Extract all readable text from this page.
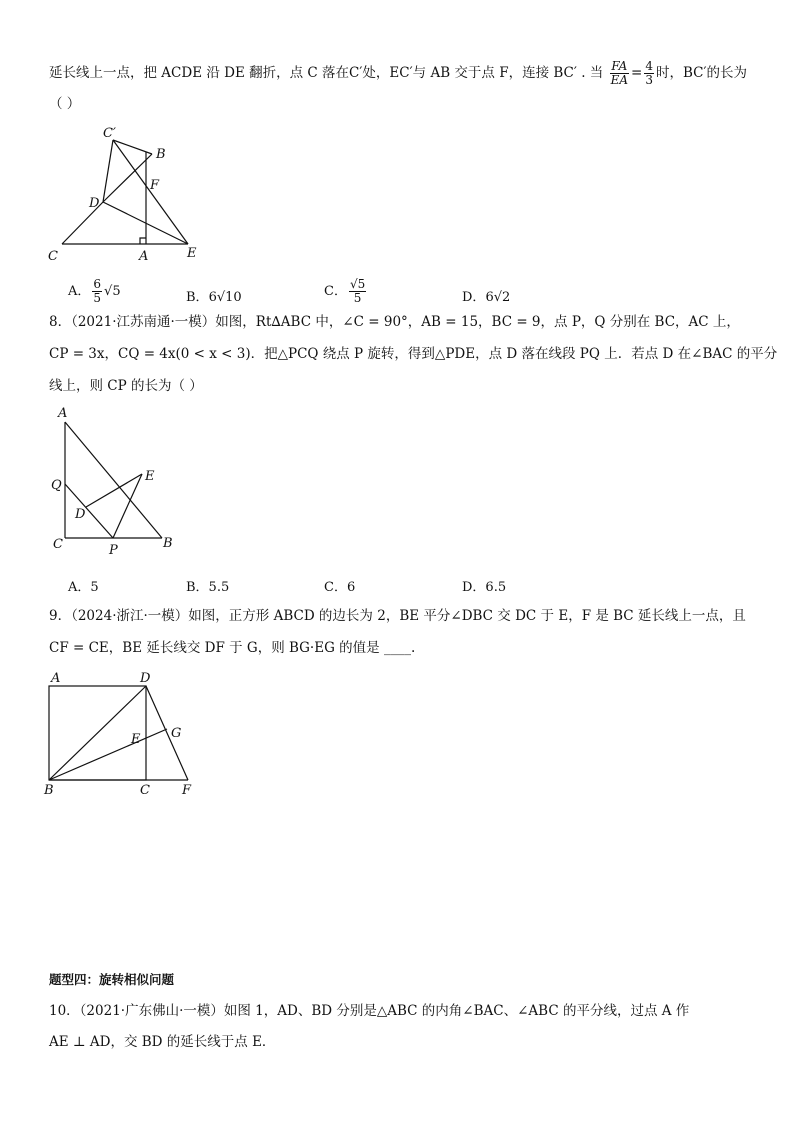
延长线上一点，把 ACDE 沿 DE 翻折，点 C 落在C′处，EC′与 AB 交于点 F，连接 BC′ . 当 $\frac{FA}{EA} = \frac{4}{3}$ 时，BC′的长为
（ ）
C′
B
F
D
C	A	E
A． $\frac{6}{5} √5$	B．6√10	C． $\frac{√5}{5}$	D．6√2
8．（2021·江苏南通·一模）如图，Rt∆ABC 中，∠C = 90°，AB = 15，BC = 9，点 P，Q 分别在 BC，AC 上，
CP = 3x，CQ = 4x(0 < x < 3)．把△PCQ 绕点 P 旋转，得到△PDE，点 D 落在线段 PQ 上．若点 D 在∠BAC 的平分
线上，则 CP 的长为（ ）
A
Q
E
D
C	P	B
A．5	B．5.5	C．6	D．6.5
9．（2024·浙江·一模）如图，正方形 ABCD 的边长为 2，BE 平分∠DBC 交 DC 于 E，F 是 BC 延长线上一点，且
CF = CE，BE 延长线交 DF 于 G，则 BG·EG 的值是 ____.
A	D
G
E
B	C F
题型四：旋转相似问题
10．（2021·广东佛山·一模）如图 1，AD、BD 分别是△ABC 的内角∠BAC、∠ABC 的平分线，过点 A 作
AE ⊥ AD，交 BD 的延长线于点 E．
